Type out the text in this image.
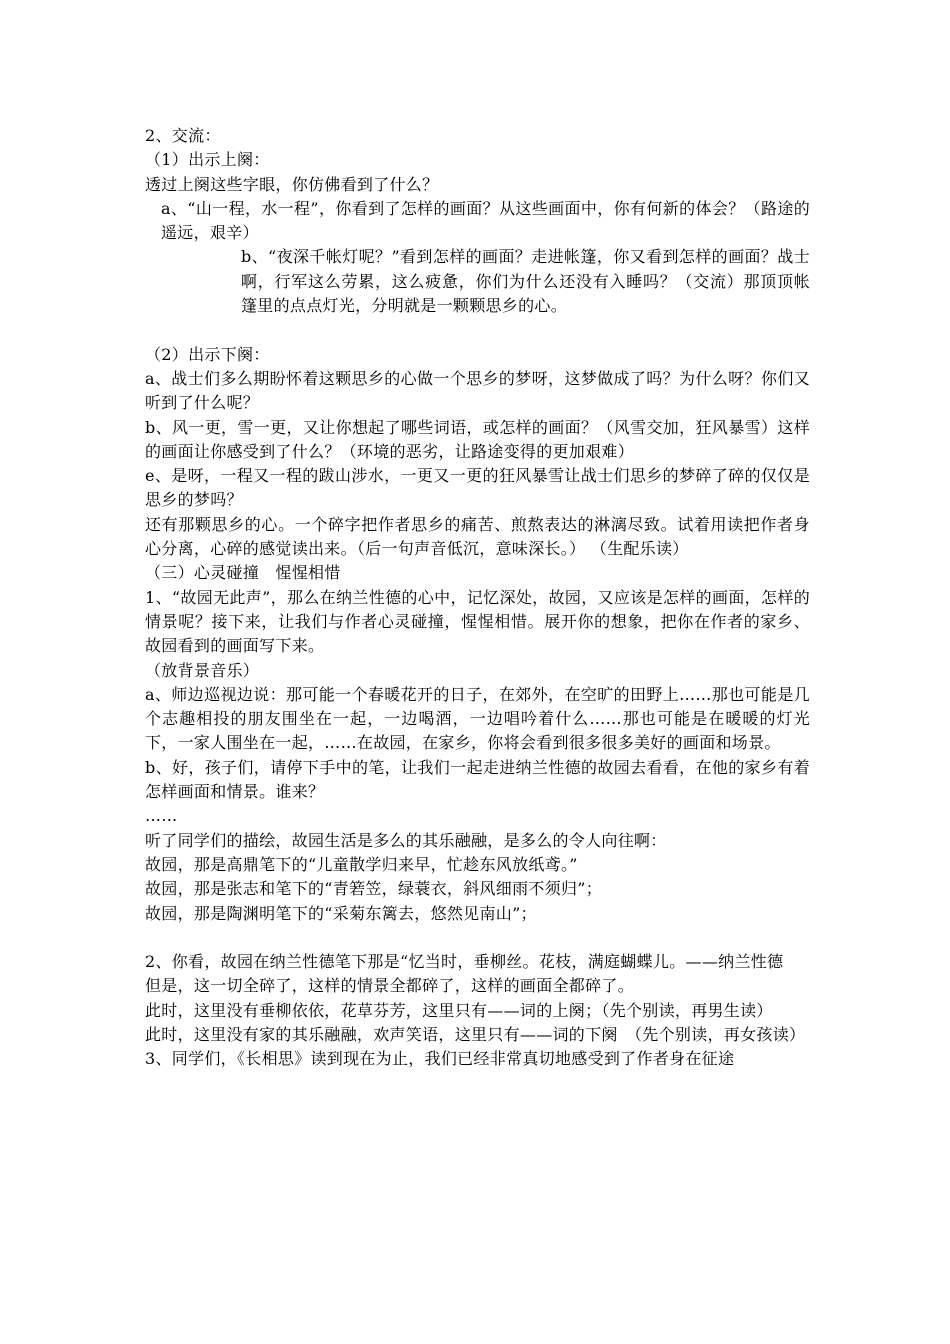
2、交流：

（1）出示上阕：

透过上阕这些字眼，你仿佛看到了什么？

a、“山一程，水一程”，你看到了怎样的画面？从这些画面中，你有何新的体会？（路途的遥远，艰辛）

b、“夜深千帐灯呢？”看到怎样的画面？走进帐篷，你又看到怎样的画面？战士啊，行军这么劳累，这么疲惫，你们为什么还没有入睡吗？（交流）那顶顶帐篷里的点点灯光，分明就是一颗颗思乡的心。

（2）出示下阕：

a、战士们多么期盼怀着这颗思乡的心做一个思乡的梦呀，这梦做成了吗？为什么呀？你们又听到了什么呢？

b、风一更，雪一更，又让你想起了哪些词语，或怎样的画面？（风雪交加，狂风暴雪）这样的画面让你感受到了什么？（环境的恶劣，让路途变得的更加艰难）

e、是呀，一程又一程的跋山涉水，一更又一更的狂风暴雪让战士们思乡的梦碎了碎的仅仅是思乡的梦吗？

还有那颗思乡的心。一个碎字把作者思乡的痛苦、煎熬表达的淋漓尽致。试着用读把作者身心分离，心碎的感觉读出来。（后一句声音低沉，意味深长。） （生配乐读）

（三）心灵碰撞　惺惺相惜

1、“故园无此声”，那么在纳兰性德的心中，记忆深处，故园，又应该是怎样的画面，怎样的情景呢？接下来，让我们与作者心灵碰撞，惺惺相惜。展开你的想象，把你在作者的家乡、故园看到的画面写下来。

（放背景音乐）

a、师边巡视边说：那可能一个春暖花开的日子，在郊外，在空旷的田野上……那也可能是几个志趣相投的朋友围坐在一起，一边喝酒，一边唱吟着什么……那也可能是在暖暖的灯光下，一家人围坐在一起，……在故园，在家乡，你将会看到很多很多美好的画面和场景。

b、好，孩子们，请停下手中的笔，让我们一起走进纳兰性德的故园去看看，在他的家乡有着怎样画面和情景。谁来？

……

听了同学们的描绘，故园生活是多么的其乐融融，是多么的令人向往啊：

故园，那是高鼎笔下的“儿童散学归来早，忙趁东风放纸鸢。”

故园，那是张志和笔下的“青箬笠，绿蓑衣，斜风细雨不须归”；

故园，那是陶渊明笔下的“采菊东篱去，悠然见南山”；

2、你看，故园在纳兰性德笔下那是“忆当时，垂柳丝。花枝，满庭蝴蝶儿。——纳兰性德

但是，这一切全碎了，这样的情景全都碎了，这样的画面全都碎了。

此时，这里没有垂柳依依，花草芬芳，这里只有——词的上阕；（先个别读，再男生读）

此时，这里没有家的其乐融融，欢声笑语，这里只有——词的下阕　（先个别读，再女孩读）

3、同学们，《长相思》读到现在为止，我们已经非常真切地感受到了作者身在征途
